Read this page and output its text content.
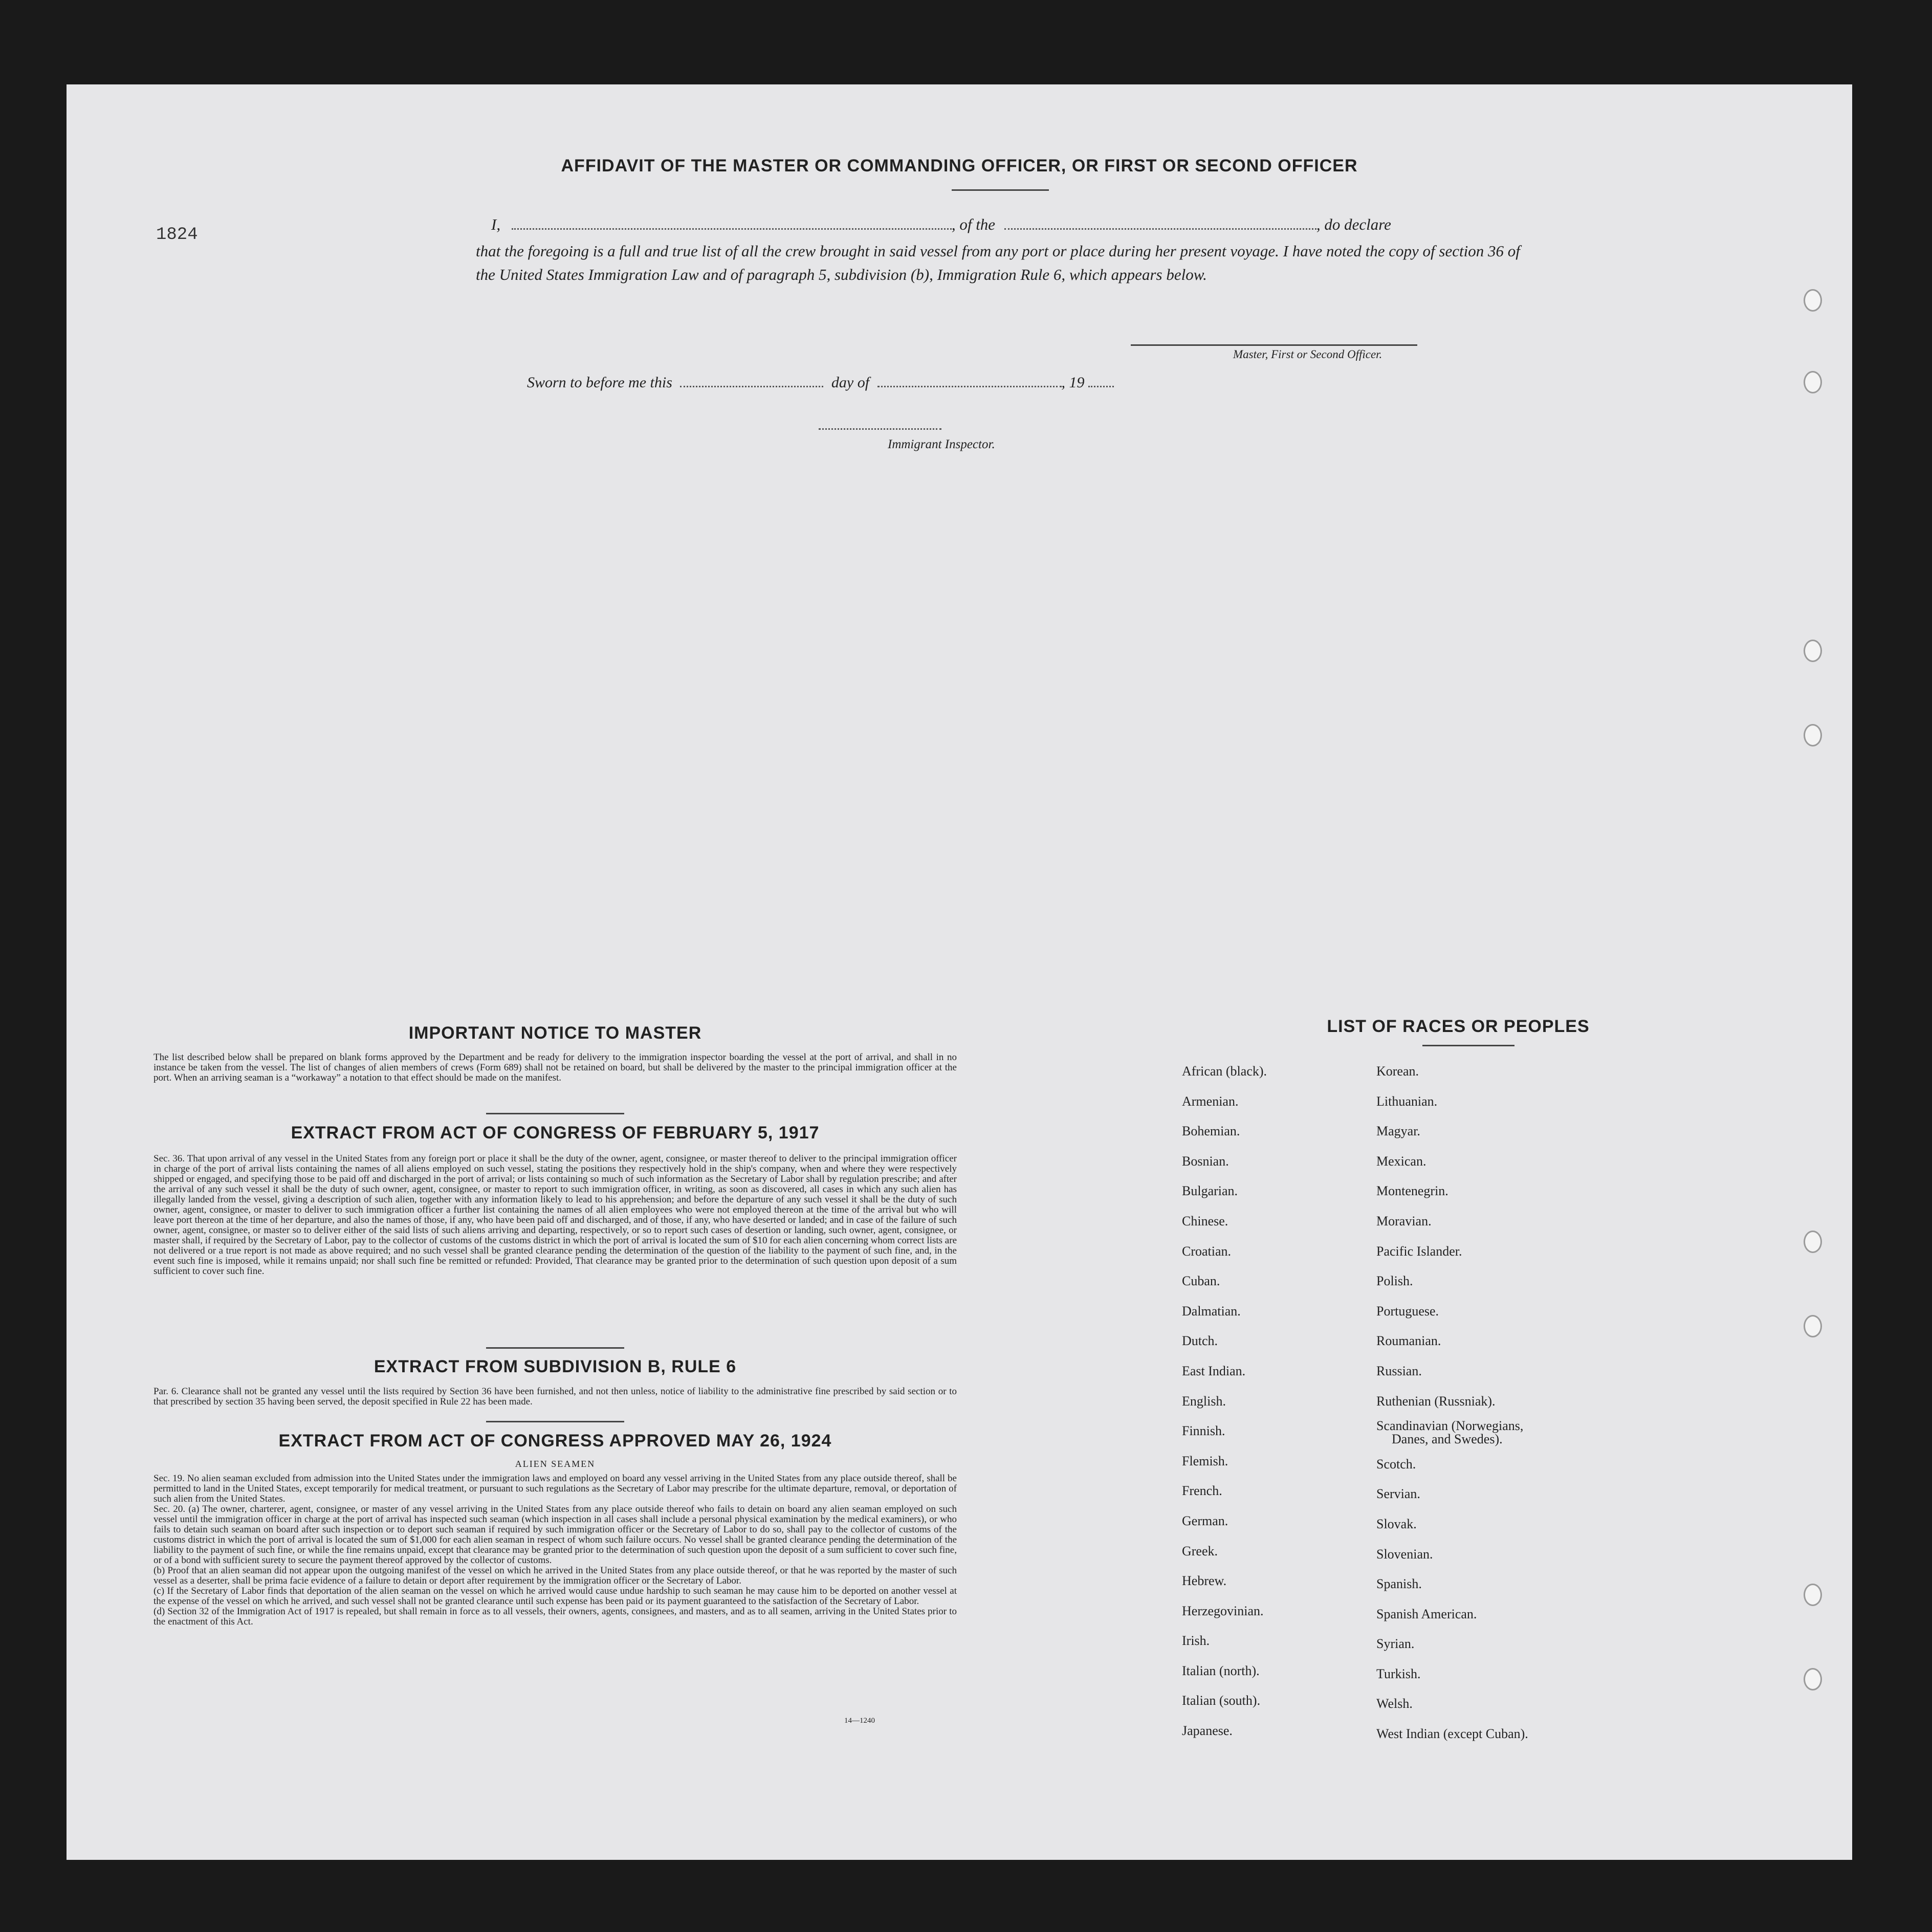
1824
AFFIDAVIT OF THE MASTER OR COMMANDING OFFICER, OR FIRST OR SECOND OFFICER
I,	, of the	, do declare
that the foregoing is a full and true list of all the crew brought in said vessel from any port or place during her present voyage. I have noted the copy of section 36 of the United States Immigration Law and of paragraph 5, subdivision (b), Immigration Rule 6, which appears below.
Master, First or Second Officer.
Sworn to before me this	day of	, 19
Immigrant Inspector.
IMPORTANT NOTICE TO MASTER
The list described below shall be prepared on blank forms approved by the Department and be ready for delivery to the immigration inspector boarding the vessel at the port of arrival, and shall in no instance be taken from the vessel. The list of changes of alien members of crews (Form 689) shall not be retained on board, but shall be delivered by the master to the principal immigration officer at the port. When an arriving seaman is a “workaway” a notation to that effect should be made on the manifest.
EXTRACT FROM ACT OF CONGRESS OF FEBRUARY 5, 1917
Sec. 36. That upon arrival of any vessel in the United States from any foreign port or place it shall be the duty of the owner, agent, consignee, or master thereof to deliver to the principal immigration officer in charge of the port of arrival lists containing the names of all aliens employed on such vessel, stating the positions they respectively hold in the ship's company, when and where they were respectively shipped or engaged, and specifying those to be paid off and discharged in the port of arrival; or lists containing so much of such information as the Secretary of Labor shall by regulation prescribe; and after the arrival of any such vessel it shall be the duty of such owner, agent, consignee, or master to report to such immigration officer, in writing, as soon as discovered, all cases in which any such alien has illegally landed from the vessel, giving a description of such alien, together with any information likely to lead to his apprehension; and before the departure of any such vessel it shall be the duty of such owner, agent, consignee, or master to deliver to such immigration officer a further list containing the names of all alien employees who were not employed thereon at the time of the arrival but who will leave port thereon at the time of her departure, and also the names of those, if any, who have been paid off and discharged, and of those, if any, who have deserted or landed; and in case of the failure of such owner, agent, consignee, or master so to deliver either of the said lists of such aliens arriving and departing, respectively, or so to report such cases of desertion or landing, such owner, agent, consignee, or master shall, if required by the Secretary of Labor, pay to the collector of customs of the customs district in which the port of arrival is located the sum of $10 for each alien concerning whom correct lists are not delivered or a true report is not made as above required; and no such vessel shall be granted clearance pending the determination of the question of the liability to the payment of such fine, and, in the event such fine is imposed, while it remains unpaid; nor shall such fine be remitted or refunded: Provided, That clearance may be granted prior to the determination of such question upon deposit of a sum sufficient to cover such fine.
EXTRACT FROM SUBDIVISION B, RULE 6
Par. 6. Clearance shall not be granted any vessel until the lists required by Section 36 have been furnished, and not then unless, notice of liability to the administrative fine prescribed by said section or to that prescribed by section 35 having been served, the deposit specified in Rule 22 has been made.
EXTRACT FROM ACT OF CONGRESS APPROVED MAY 26, 1924
ALIEN SEAMEN
Sec. 19. No alien seaman excluded from admission into the United States under the immigration laws and employed on board any vessel arriving in the United States from any place outside thereof, shall be permitted to land in the United States, except temporarily for medical treatment, or pursuant to such regulations as the Secretary of Labor may prescribe for the ultimate departure, removal, or deportation of such alien from the United States.
Sec. 20. (a) The owner, charterer, agent, consignee, or master of any vessel arriving in the United States from any place outside thereof who fails to detain on board any alien seaman employed on such vessel until the immigration officer in charge at the port of arrival has inspected such seaman (which inspection in all cases shall include a personal physical examination by the medical examiners), or who fails to detain such seaman on board after such inspection or to deport such seaman if required by such immigration officer or the Secretary of Labor to do so, shall pay to the collector of customs of the customs district in which the port of arrival is located the sum of $1,000 for each alien seaman in respect of whom such failure occurs. No vessel shall be granted clearance pending the determination of the liability to the payment of such fine, or while the fine remains unpaid, except that clearance may be granted prior to the determination of such question upon the deposit of a sum sufficient to cover such fine, or of a bond with sufficient surety to secure the payment thereof approved by the collector of customs.
(b) Proof that an alien seaman did not appear upon the outgoing manifest of the vessel on which he arrived in the United States from any place outside thereof, or that he was reported by the master of such vessel as a deserter, shall be prima facie evidence of a failure to detain or deport after requirement by the immigration officer or the Secretary of Labor.
(c) If the Secretary of Labor finds that deportation of the alien seaman on the vessel on which he arrived would cause undue hardship to such seaman he may cause him to be deported on another vessel at the expense of the vessel on which he arrived, and such vessel shall not be granted clearance until such expense has been paid or its payment guaranteed to the satisfaction of the Secretary of Labor.
(d) Section 32 of the Immigration Act of 1917 is repealed, but shall remain in force as to all vessels, their owners, agents, consignees, and masters, and as to all seamen, arriving in the United States prior to the enactment of this Act.
14—1240
LIST OF RACES OR PEOPLES
African (black).
Armenian.
Bohemian.
Bosnian.
Bulgarian.
Chinese.
Croatian.
Cuban.
Dalmatian.
Dutch.
East Indian.
English.
Finnish.
Flemish.
French.
German.
Greek.
Hebrew.
Herzegovinian.
Irish.
Italian (north).
Italian (south).
Japanese.
Korean.
Lithuanian.
Magyar.
Mexican.
Montenegrin.
Moravian.
Pacific Islander.
Polish.
Portuguese.
Roumanian.
Russian.
Ruthenian (Russniak).
Scandinavian (Norwegians,
Danes, and Swedes).
Scotch.
Servian.
Slovak.
Slovenian.
Spanish.
Spanish American.
Syrian.
Turkish.
Welsh.
West Indian (except Cuban).
